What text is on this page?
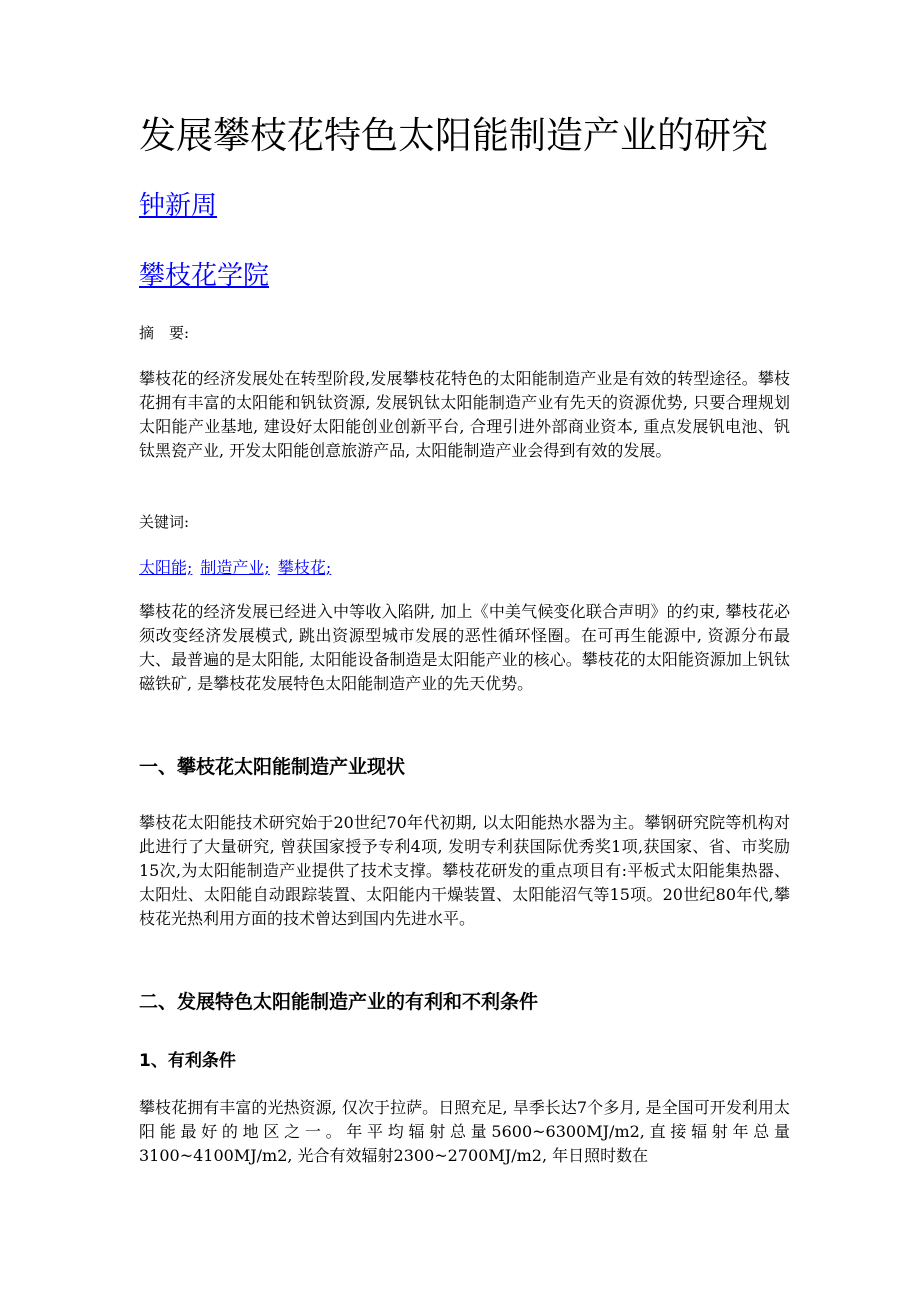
发展攀枝花特色太阳能制造产业的研究
钟新周
攀枝花学院
摘　要:

攀枝花的经济发展处在转型阶段,发展攀枝花特色的太阳能制造产业是有效的转型途径。攀枝花拥有丰富的太阳能和钒钛资源, 发展钒钛太阳能制造产业有先天的资源优势, 只要合理规划太阳能产业基地, 建设好太阳能创业创新平台, 合理引进外部商业资本, 重点发展钒电池、钒钛黑瓷产业, 开发太阳能创意旅游产品, 太阳能制造产业会得到有效的发展。

关键词:
太阳能; 制造产业; 攀枝花;

攀枝花的经济发展已经进入中等收入陷阱, 加上《中美气候变化联合声明》的约束, 攀枝花必须改变经济发展模式, 跳出资源型城市发展的恶性循环怪圈。在可再生能源中, 资源分布最大、最普遍的是太阳能, 太阳能设备制造是太阳能产业的核心。攀枝花的太阳能资源加上钒钛磁铁矿, 是攀枝花发展特色太阳能制造产业的先天优势。

一、攀枝花太阳能制造产业现状

攀枝花太阳能技术研究始于20世纪70年代初期, 以太阳能热水器为主。攀钢研究院等机构对此进行了大量研究, 曾获国家授予专利4项, 发明专利获国际优秀奖1项,获国家、省、市奖励15次,为太阳能制造产业提供了技术支撑。攀枝花研发的重点项目有:平板式太阳能集热器、太阳灶、太阳能自动跟踪装置、太阳能内干燥装置、太阳能沼气等15项。20世纪80年代,攀枝花光热利用方面的技术曾达到国内先进水平。

二、发展特色太阳能制造产业的有利和不利条件
1、有利条件

攀枝花拥有丰富的光热资源, 仅次于拉萨。日照充足, 旱季长达7个多月, 是全国可开发利用太阳能最好的地区之一。年平均辐射总量5600~6300MJ/m2,直接辐射年总量3100~4100MJ/m2, 光合有效辐射2300~2700MJ/m2, 年日照时数在
